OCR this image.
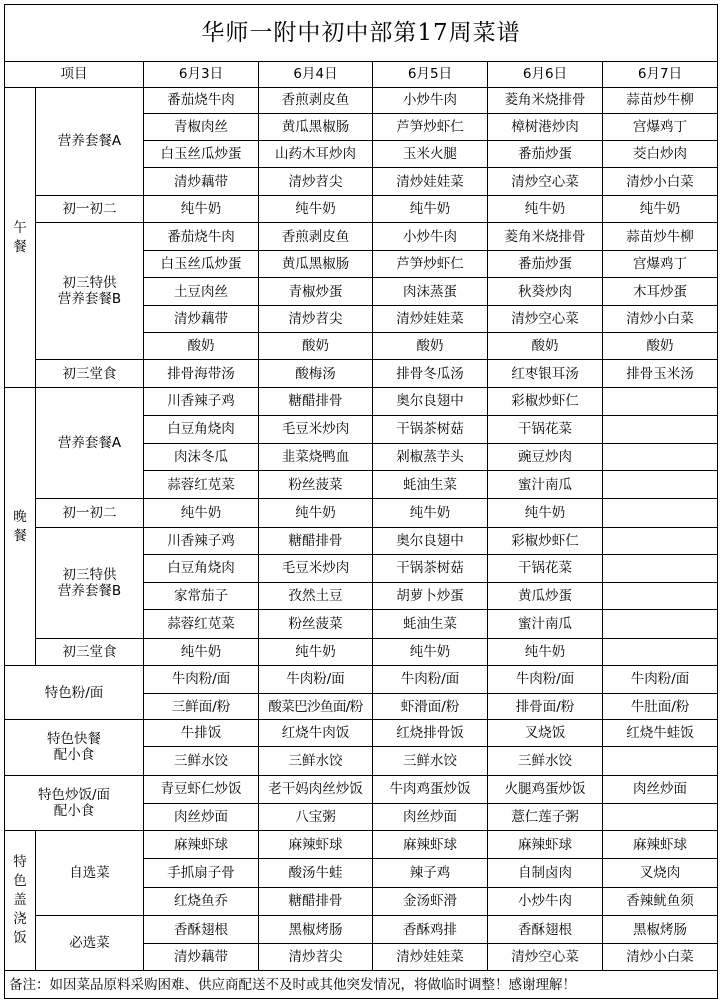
华师一附中初中部第17周菜谱						
项目		6月3日	6月4日	6月5日	6月6日	6月7日
午餐	营养套餐A	番茄烧牛肉	香煎剥皮鱼	小炒牛肉	菱角米烧排骨	蒜苗炒牛柳
		青椒肉丝	黄瓜黑椒肠	芦笋炒虾仁	樟树港炒肉	宫爆鸡丁
		白玉丝瓜炒蛋	山药木耳炒肉	玉米火腿	番茄炒蛋	茭白炒肉
		清炒藕带	清炒苕尖	清炒娃娃菜	清炒空心菜	清炒小白菜
	初一初二	纯牛奶	纯牛奶	纯牛奶	纯牛奶	纯牛奶
	初三特供
营养套餐B	番茄烧牛肉	香煎剥皮鱼	小炒牛肉	菱角米烧排骨	蒜苗炒牛柳
		白玉丝瓜炒蛋	黄瓜黑椒肠	芦笋炒虾仁	番茄炒蛋	宫爆鸡丁
		土豆肉丝	青椒炒蛋	肉沫蒸蛋	秋葵炒肉	木耳炒蛋
		清炒藕带	清炒苕尖	清炒娃娃菜	清炒空心菜	清炒小白菜
		酸奶	酸奶	酸奶	酸奶	酸奶
	初三堂食	排骨海带汤	酸梅汤	排骨冬瓜汤	红枣银耳汤	排骨玉米汤
晚餐	营养套餐A	川香辣子鸡	糖醋排骨	奥尔良翅中	彩椒炒虾仁	
		白豆角烧肉	毛豆米炒肉	干锅茶树菇	干锅花菜	
		肉沫冬瓜	韭菜烧鸭血	剁椒蒸芋头	豌豆炒肉	
		蒜蓉红苋菜	粉丝菠菜	蚝油生菜	蜜汁南瓜	
	初一初二	纯牛奶	纯牛奶	纯牛奶	纯牛奶	
	初三特供
营养套餐B	川香辣子鸡	糖醋排骨	奥尔良翅中	彩椒炒虾仁	
		白豆角烧肉	毛豆米炒肉	干锅茶树菇	干锅花菜	
		家常茄子	孜然土豆	胡萝卜炒蛋	黄瓜炒蛋	
		蒜蓉红苋菜	粉丝菠菜	蚝油生菜	蜜汁南瓜	
	初三堂食	纯牛奶	纯牛奶	纯牛奶	纯牛奶	
特色粉/面		牛肉粉/面	牛肉粉/面	牛肉粉/面	牛肉粉/面	牛肉粉/面
		三鲜面/粉	酸菜巴沙鱼面/粉	虾滑面/粉	排骨面/粉	牛肚面/粉
特色快餐
配小食		牛排饭	红烧牛肉饭	红烧排骨饭	叉烧饭	红烧牛蛙饭
		三鲜水饺	三鲜水饺	三鲜水饺	三鲜水饺	
特色炒饭/面
配小食		青豆虾仁炒饭	老干妈肉丝炒饭	牛肉鸡蛋炒饭	火腿鸡蛋炒饭	肉丝炒面
		肉丝炒面	八宝粥	肉丝炒面	薏仁莲子粥	

特
色
盖
浇
饭	自选菜	麻辣虾球	麻辣虾球	麻辣虾球	麻辣虾球	麻辣虾球
		手抓扇子骨	酸汤牛蛙	辣子鸡	自制卤肉	叉烧肉
		红烧鱼乔	糖醋排骨	金汤虾滑	小炒牛肉	香辣鱿鱼须
	必选菜	香酥翅根	黑椒烤肠	香酥鸡排	香酥翅根	黑椒烤肠
		清炒藕带	清炒苕尖	清炒娃娃菜	清炒空心菜	清炒小白菜
备注：如因菜品原料采购困难、供应商配送不及时或其他突发情况，将做临时调整！感谢理解！						
